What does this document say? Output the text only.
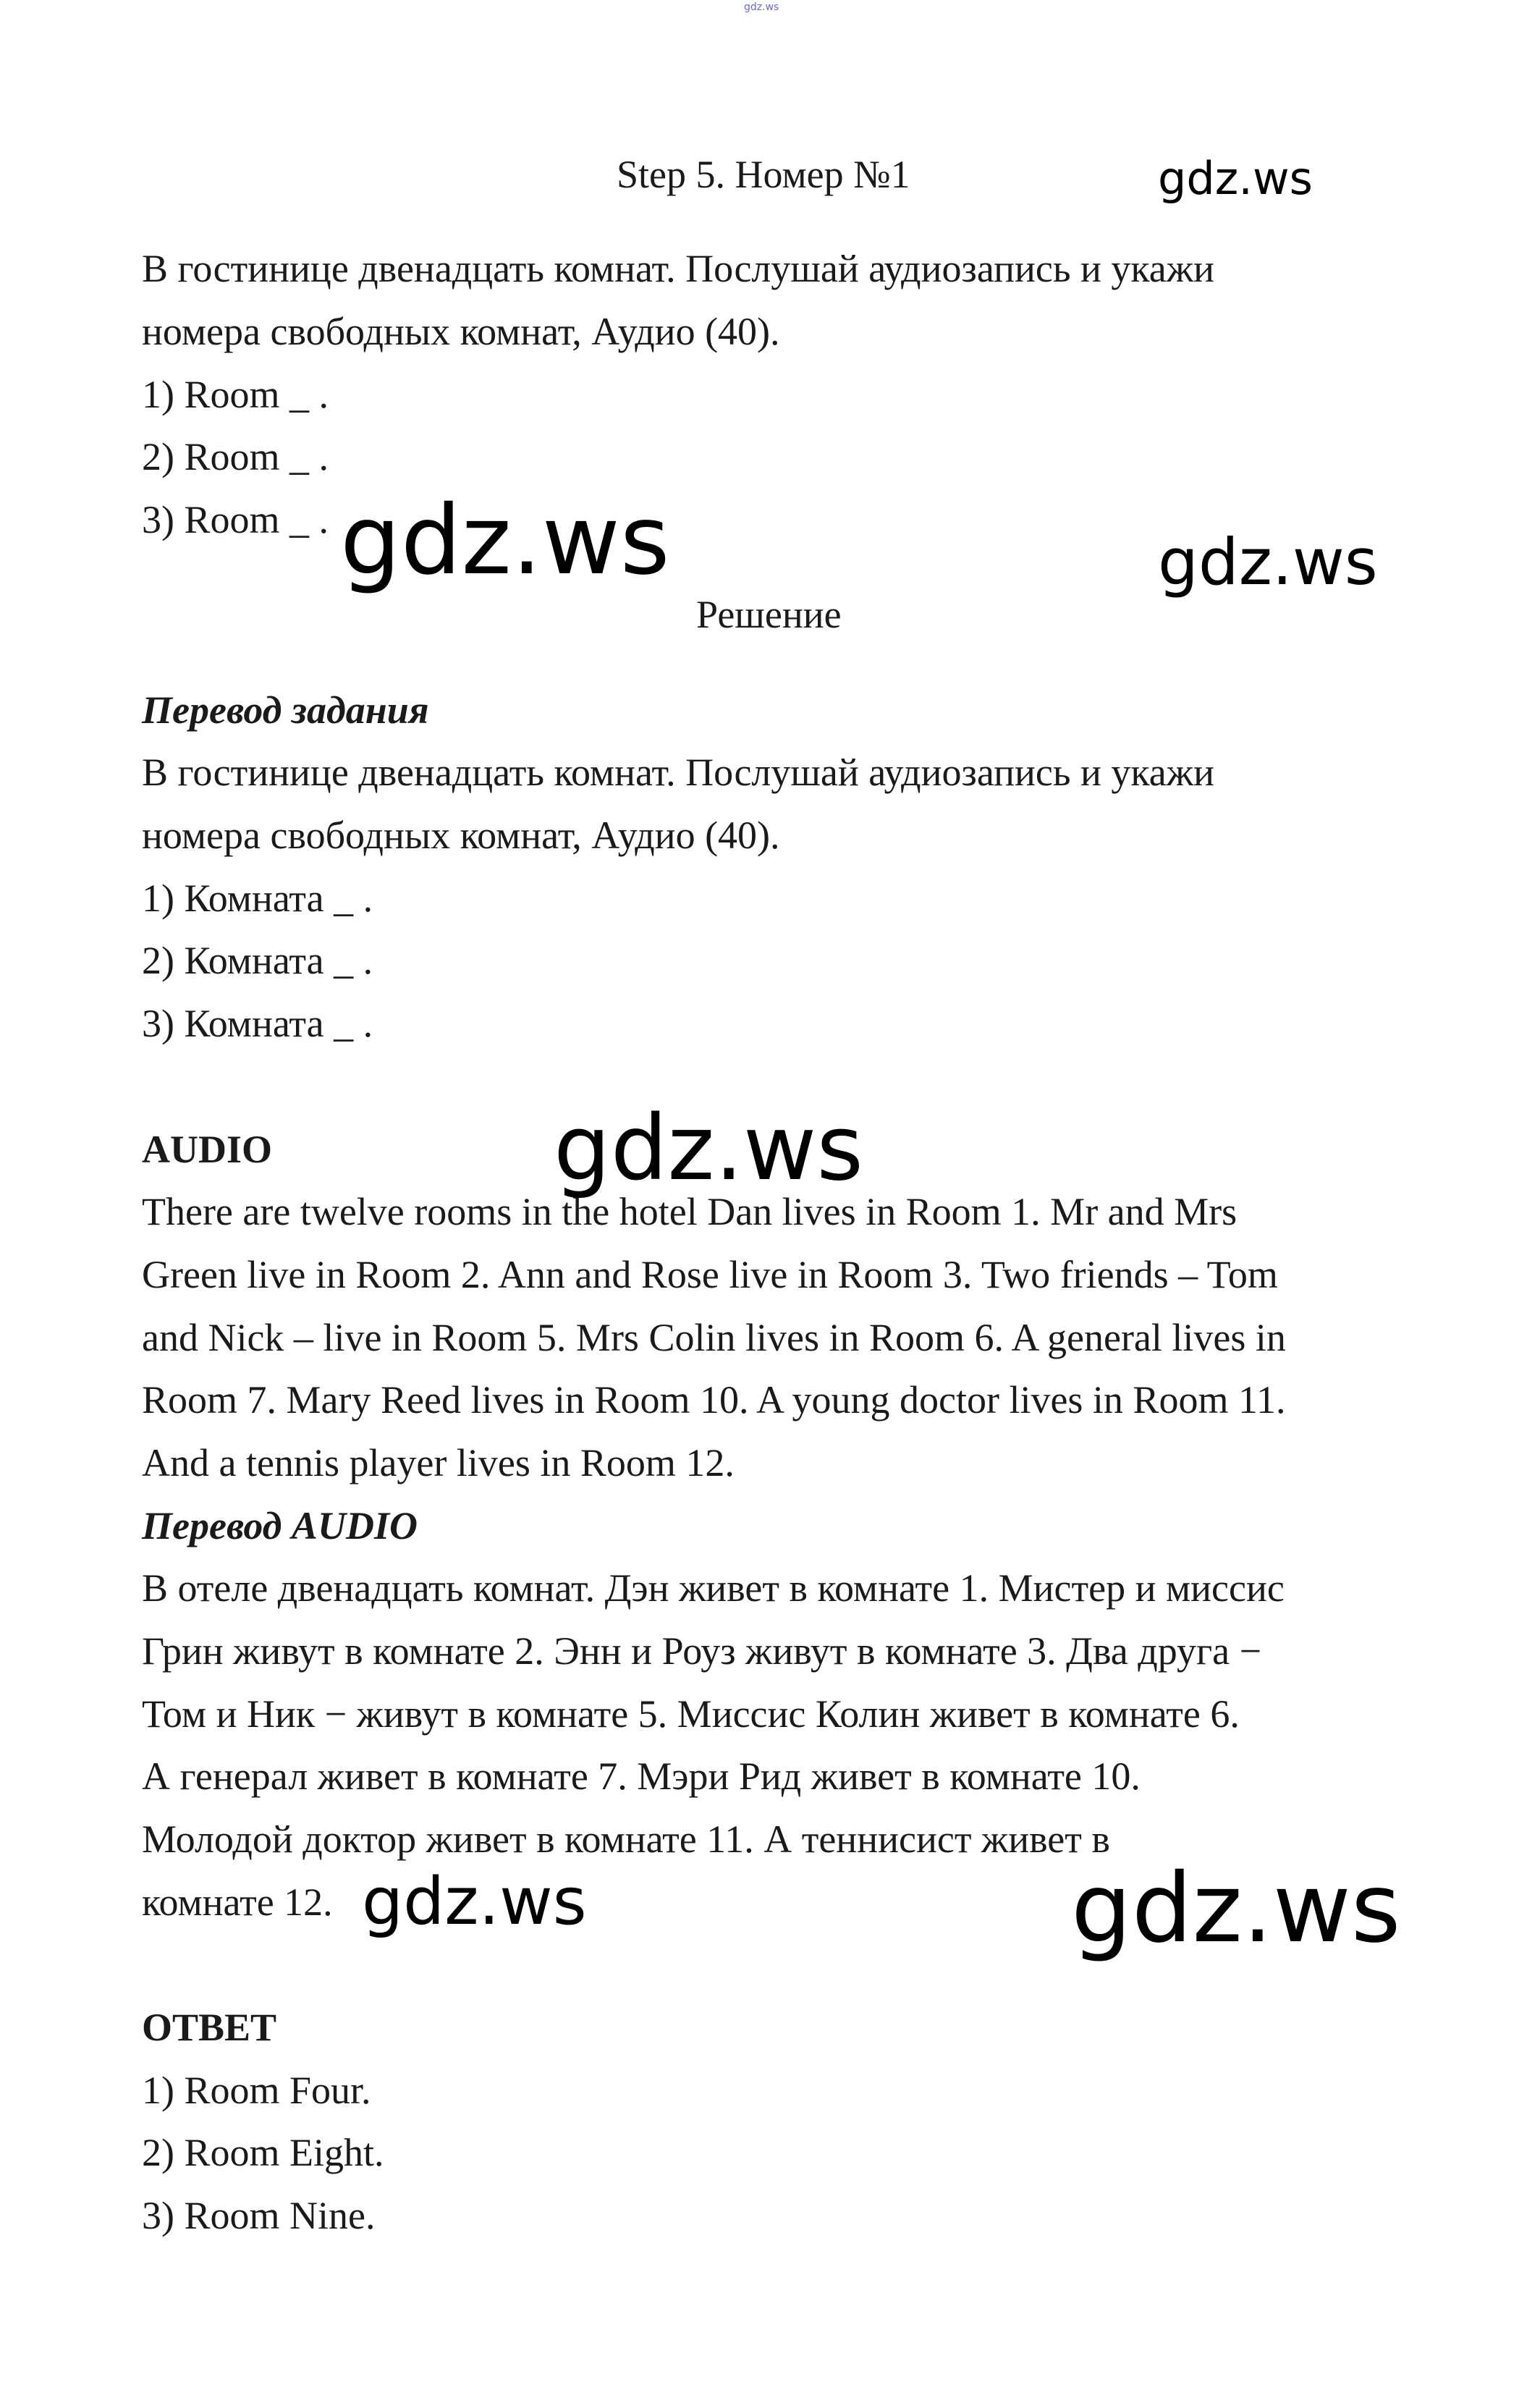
gdz.ws
gdz.ws
gdz.ws	gdz.ws
gdz.ws
gdz.ws	gdz.ws
Step 5. Номер №1
В гостинице двенадцать комнат. Послушай аудиозапись и укажи
номера свободных комнат, Аудио (40).
1) Room _ .
2) Room _ .
3) Room _ .
Решение
Перевод задания
В гостинице двенадцать комнат. Послушай аудиозапись и укажи
номера свободных комнат, Аудио (40).
1) Комната _ .
2) Комната _ .
3) Комната _ .
AUDIO
There are twelve rooms in the hotel Dan lives in Room 1. Mr and Mrs
Green live in Room 2. Ann and Rose live in Room 3. Two friends – Tom
and Nick – live in Room 5. Mrs Colin lives in Room 6. A general lives in
Room 7. Mary Reed lives in Room 10. A young doctor lives in Room 11.
And a tennis player lives in Room 12.
Перевод AUDIO
В отеле двенадцать комнат. Дэн живет в комнате 1. Мистер и миссис
Грин живут в комнате 2. Энн и Роуз живут в комнате 3. Два друга −
Том и Ник − живут в комнате 5. Миссис Колин живет в комнате 6.
А генерал живет в комнате 7. Мэри Рид живет в комнате 10.
Молодой доктор живет в комнате 11. А теннисист живет в
комнате 12.
ОТВЕТ
1) Room Four.
2) Room Eight.
3) Room Nine.
